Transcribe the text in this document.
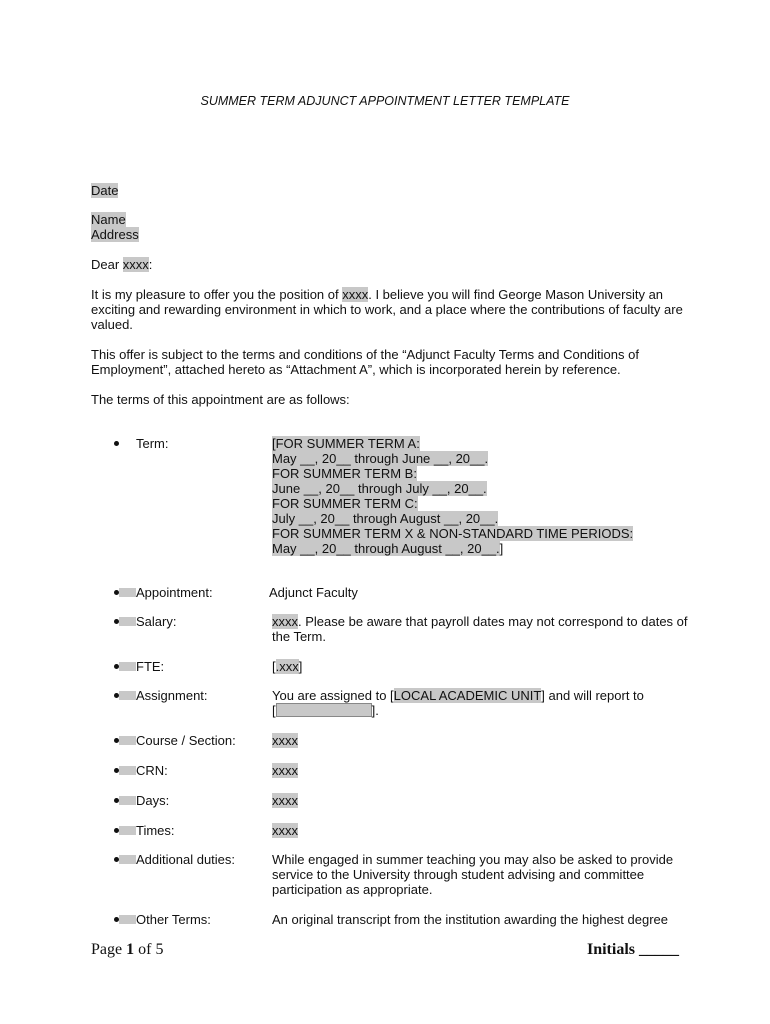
SUMMER TERM ADJUNCT APPOINTMENT LETTER TEMPLATE
Date
Name
Address
Dear xxxx:
It is my pleasure to offer you the position of xxxx. I believe you will find George Mason University an
exciting and rewarding environment in which to work, and a place where the contributions of faculty are
valued.
This offer is subject to the terms and conditions of the “Adjunct Faculty Terms and Conditions of
Employment”, attached hereto as “Attachment A”, which is incorporated herein by reference.
The terms of this appointment are as follows:
Term:	[FOR SUMMER TERM A:
May __, 20__ through June __, 20__.
FOR SUMMER TERM B:
June __, 20__ through July __, 20__.
FOR SUMMER TERM C:
July __, 20__ through August __, 20__.
FOR SUMMER TERM X & NON-STANDARD TIME PERIODS:
May __, 20__ through August __, 20__.]
Appointment:	Adjunct Faculty
Salary:	xxxx. Please be aware that payroll dates may not correspond to dates of
the Term.
FTE:	[.xxx]
Assignment:	You are assigned to [LOCAL ACADEMIC UNIT] and will report to
[	].
Course / Section:	xxxx
CRN:	xxxx
Days:	xxxx
Times:	xxxx
Additional duties:	While engaged in summer teaching you may also be asked to provide
service to the University through student advising and committee
participation as appropriate.
Other Terms:	An original transcript from the institution awarding the highest degree
Page 1 of 5	Initials _____
